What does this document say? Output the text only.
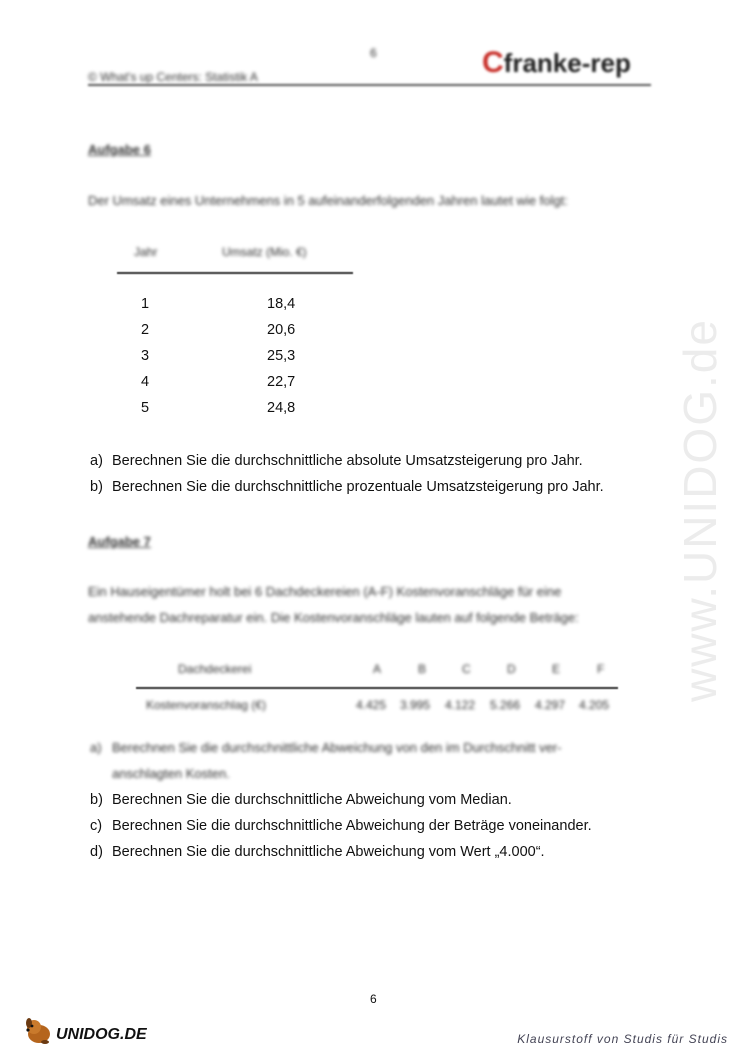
www.UNIDOG.de
6
© What's up Centers: Statistik A	Cfranke-rep
Aufgabe 6
Der Umsatz eines Unternehmens in 5 aufeinanderfolgenden Jahren lautet wie folgt:
Jahr	Umsatz (Mio. €)
1	18,4
2	20,6
3	25,3
4	22,7
5	24,8
a) Berechnen Sie die durchschnittliche absolute Umsatzsteigerung pro Jahr.
b) Berechnen Sie die durchschnittliche prozentuale Umsatzsteigerung pro Jahr.
Aufgabe 7
Ein Hauseigentümer holt bei 6 Dachdeckereien (A-F) Kostenvoranschläge für eine
anstehende Dachreparatur ein. Die Kostenvoranschläge lauten auf folgende Beträge:
Dachdeckerei	A	B	C	D	E	F
Kostenvoranschlag (€)	4.425 3.995 4.122 5.266 4.297 4.205
a) Berechnen Sie die durchschnittliche Abweichung von den im Durchschnitt ver-
anschlagten Kosten.
b) Berechnen Sie die durchschnittliche Abweichung vom Median.
c) Berechnen Sie die durchschnittliche Abweichung der Beträge voneinander.
d) Berechnen Sie die durchschnittliche Abweichung vom Wert „4.000“.
6
UNIDOG.DE	Klausurstoff von Studis für Studis
